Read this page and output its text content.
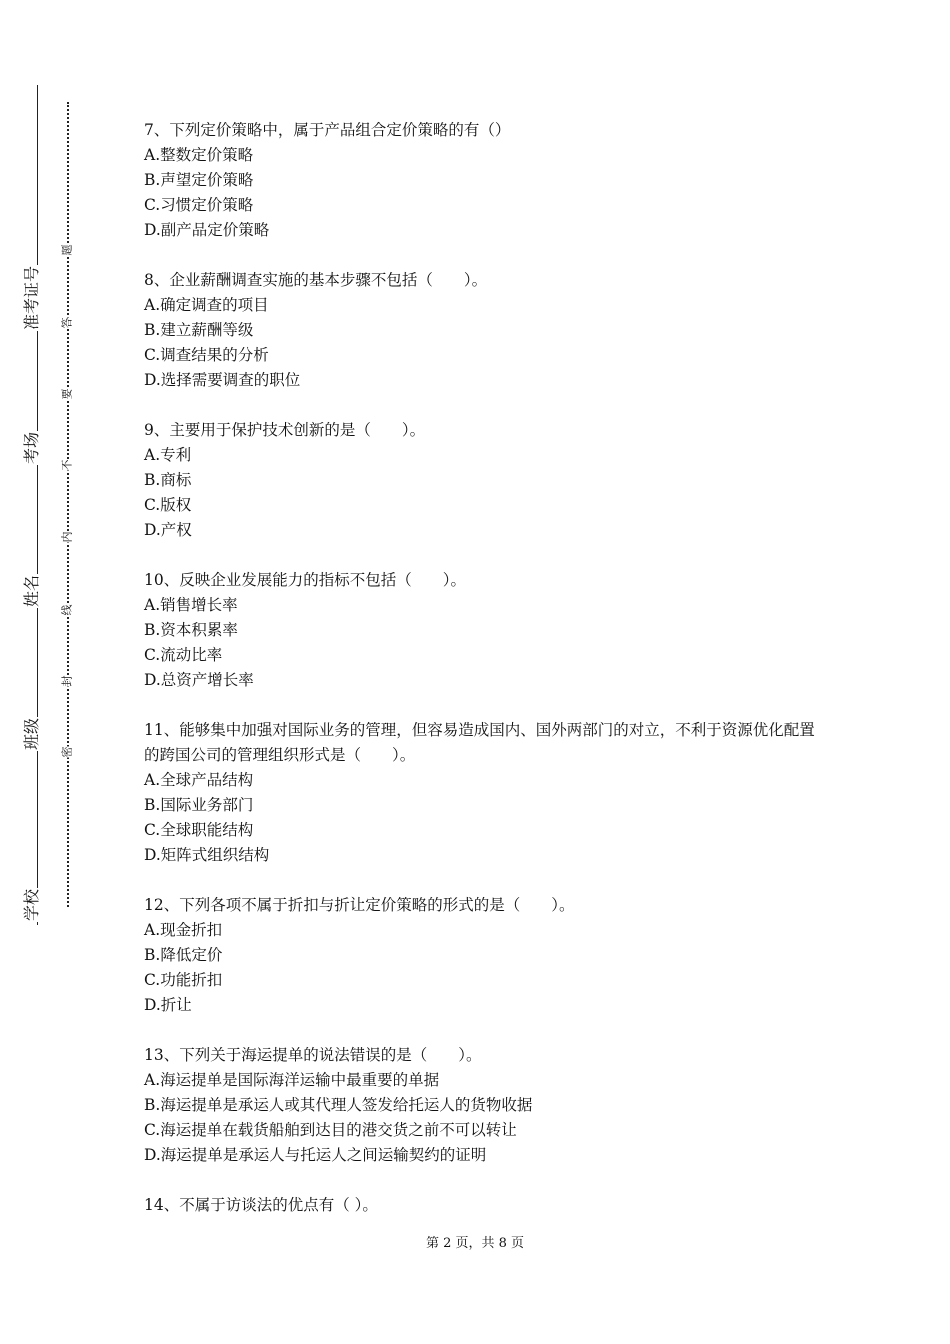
准考证号
考场
姓名
班级
学校
题
答
要
不
内
线
封
密
7、下列定价策略中，属于产品组合定价策略的有（）
A.整数定价策略
B.声望定价策略
C.习惯定价策略
D.副产品定价策略
8、企业薪酬调查实施的基本步骤不包括（　　）。
A.确定调查的项目
B.建立薪酬等级
C.调查结果的分析
D.选择需要调查的职位
9、主要用于保护技术创新的是（　　）。
A.专利
B.商标
C.版权
D.产权
10、反映企业发展能力的指标不包括（　　）。
A.销售增长率
B.资本积累率
C.流动比率
D.总资产增长率
11、能够集中加强对国际业务的管理，但容易造成国内、国外两部门的对立，不利于资源优化配置的跨国公司的管理组织形式是（　　）。
A.全球产品结构
B.国际业务部门
C.全球职能结构
D.矩阵式组织结构
12、下列各项不属于折扣与折让定价策略的形式的是（　　）。
A.现金折扣
B.降低定价
C.功能折扣
D.折让
13、下列关于海运提单的说法错误的是（　　）。
A.海运提单是国际海洋运输中最重要的单据
B.海运提单是承运人或其代理人签发给托运人的货物收据
C.海运提单在载货船舶到达目的港交货之前不可以转让
D.海运提单是承运人与托运人之间运输契约的证明
14、不属于访谈法的优点有（ ）。
第 2 页，共 8 页
